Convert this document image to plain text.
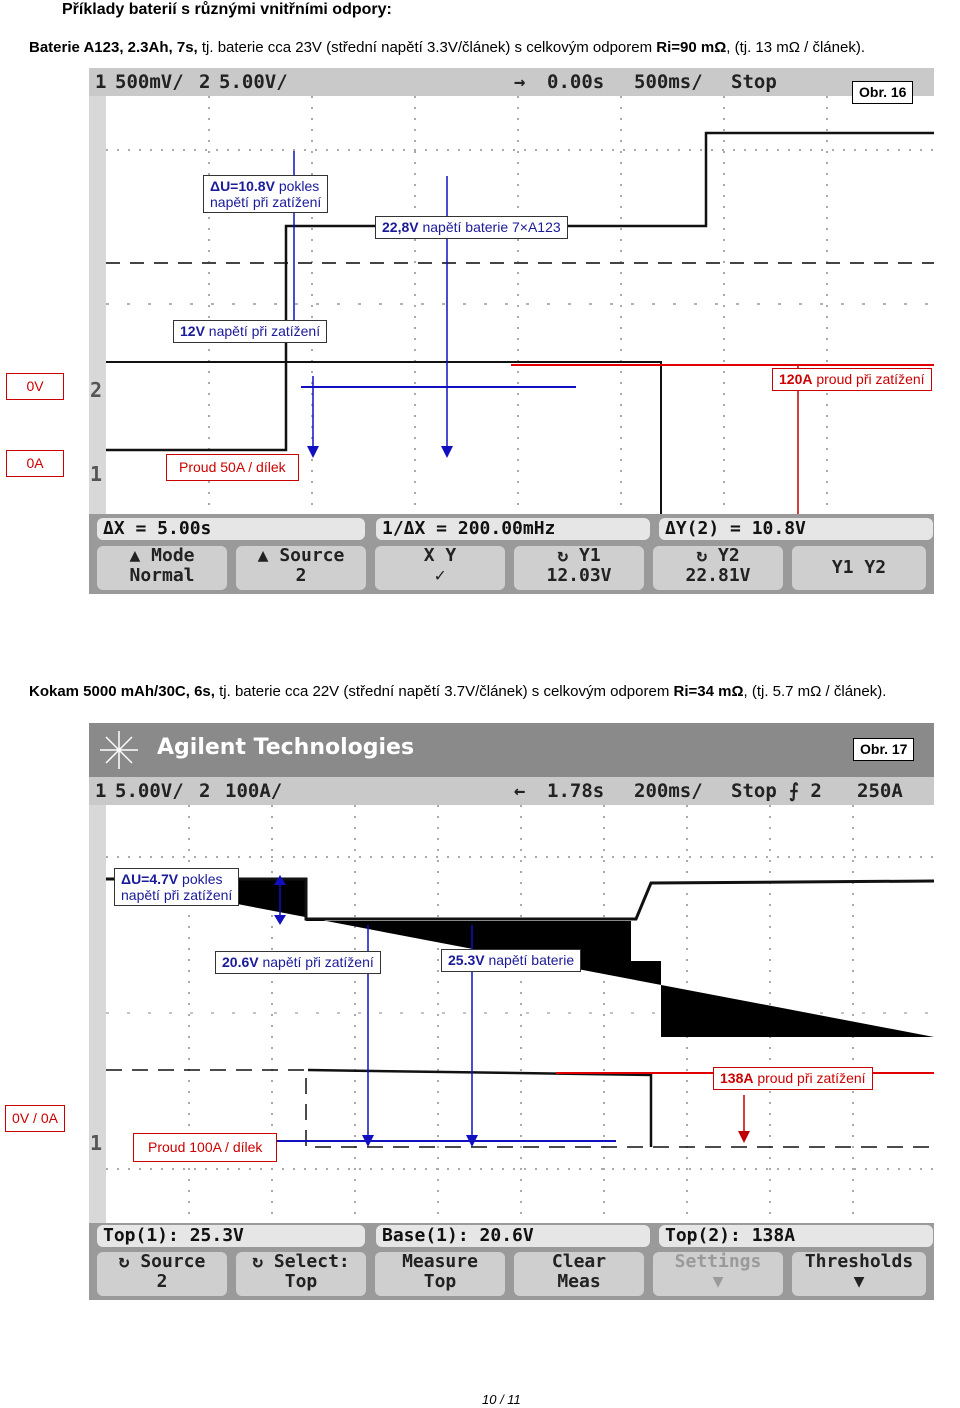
Příklady baterií s různými vnitřními odpory:
Baterie A123, 2.3Ah, 7s, tj. baterie cca 23V (střední napětí 3.3V/článek) s celkovým odporem Ri=90 mΩ, (tj. 13 mΩ / článek).
1 500mV/ 2 5.00V/	→ 0.00s 500ms/ Stop
2
1
Obr. 16
ΔU=10.8V pokles
napětí při zatížení
22,8V napětí baterie 7×A123
12V napětí při zatížení
120A proud při zatížení
Proud 50A / dílek
ΔX = 5.00s	1/ΔX = 200.00mHz	ΔY(2) = 10.8V
▲ Mode
Normal
▲ Source
2
X Y
✓
↻ Y1
12.03V
↻ Y2
22.81V	Y1 Y2
0V
0A
Kokam 5000 mAh/30C, 6s, tj. baterie cca 22V (střední napětí 3.7V/článek) s celkovým odporem Ri=34 mΩ, (tj. 5.7 mΩ / článek).
Agilent Technologies
1 5.00V/ 2 100A/	← 1.78s 200ms/ Stop ⨍ 2 250A
1
Obr. 17
ΔU=4.7V pokles
napětí při zatížení
20.6V napětí při zatížení	25.3V napětí baterie
138A proud při zatížení
Proud 100A / dílek
Top(1): 25.3V	Base(1): 20.6V	Top(2): 138A
↻ Source
2
↻ Select:
Top
Measure
Top
Clear
Meas
Settings
▼
Thresholds
▼
0V / 0A
10 / 11
